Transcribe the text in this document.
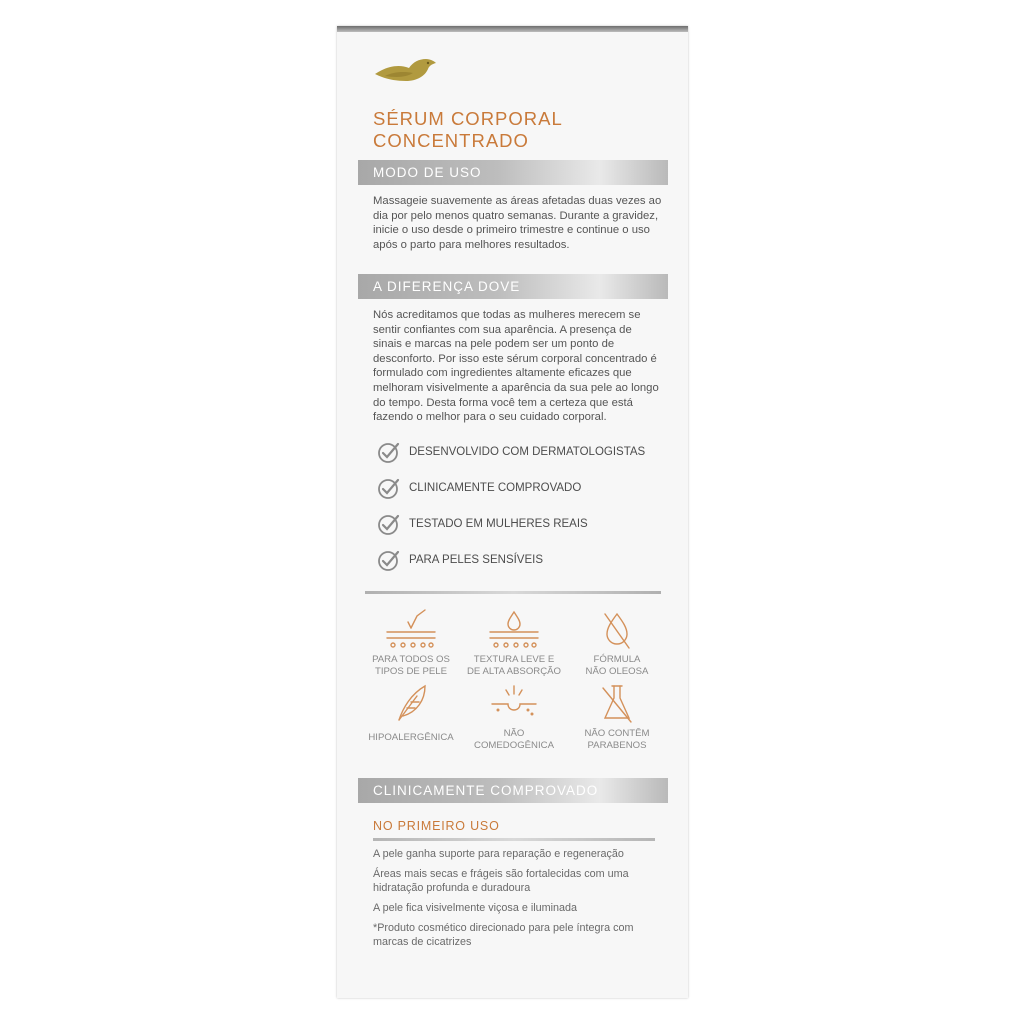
SÉRUM CORPORAL
CONCENTRADO
MODO DE USO
Massageie suavemente as áreas afetadas duas vezes ao dia por pelo menos quatro semanas. Durante a gravidez, inicie o uso desde o primeiro trimestre e continue o uso após o parto para melhores resultados.
A DIFERENÇA DOVE
Nós acreditamos que todas as mulheres merecem se sentir confiantes com sua aparência. A presença de sinais e marcas na pele podem ser um ponto de desconforto. Por isso este sérum corporal concentrado é formulado com ingredientes altamente eficazes que melhoram visivelmente a aparência da sua pele ao longo do tempo. Desta forma você tem a certeza que está fazendo o melhor para o seu cuidado corporal.
DESENVOLVIDO COM DERMATOLOGISTAS
CLINICAMENTE COMPROVADO
TESTADO EM MULHERES REAIS
PARA PELES SENSÍVEIS
PARA TODOS OS
TIPOS DE PELE
TEXTURA LEVE E
DE ALTA ABSORÇÃO
FÓRMULA
NÃO OLEOSA
HIPOALERGÊNICA	NÃO
COMEDOGÊNICA
NÃO CONTÊM
PARABENOS
CLINICAMENTE COMPROVADO
NO PRIMEIRO USO
A pele ganha suporte para reparação e regeneração
Áreas mais secas e frágeis são fortalecidas com uma hidratação profunda e duradoura
A pele fica visivelmente viçosa e iluminada
*Produto cosmético direcionado para pele íntegra com marcas de cicatrizes
